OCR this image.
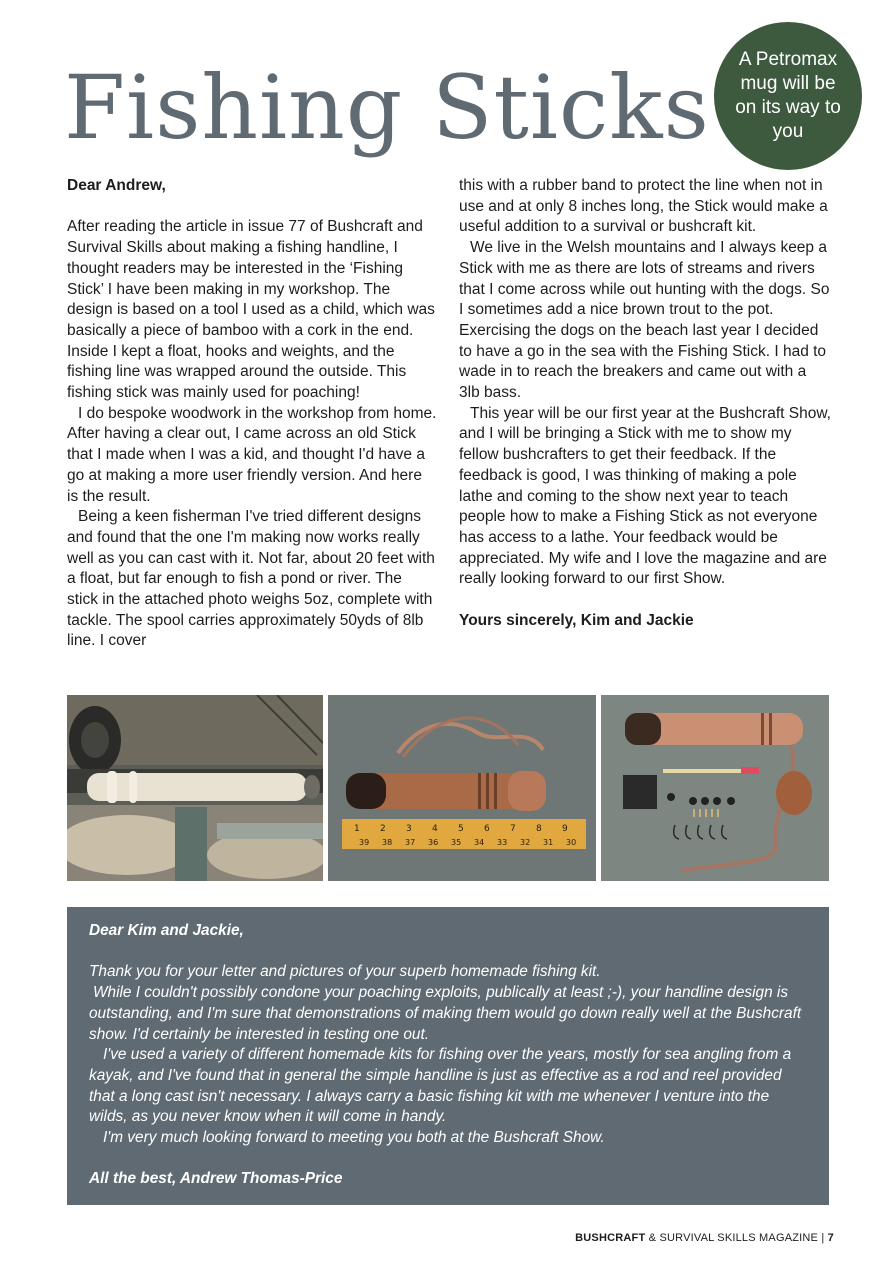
Fishing Sticks	A Petromax mug will be on its way to you

Dear Andrew,

After reading the article in issue 77 of Bushcraft and Survival Skills about making a fishing handline, I thought readers may be interested in the ‘Fishing Stick’ I have been making in my workshop. The design is based on a tool I used as a child, which was basically a piece of bamboo with a cork in the end. Inside I kept a float, hooks and weights, and the fishing line was wrapped around the outside. This fishing stick was mainly used for poaching!

I do bespoke woodwork in the workshop from home. After having a clear out, I came across an old Stick that I made when I was a kid, and thought I'd have a go at making a more user friendly version. And here is the result.

Being a keen fisherman I've tried different designs and found that the one I'm making now works really well as you can cast with it. Not far, about 20 feet with a float, but far enough to fish a pond or river. The stick in the attached photo weighs 5oz, complete with tackle. The spool carries approximately 50yds of 8lb line. I cover

this with a rubber band to protect the line when not in use and at only 8 inches long, the Stick would make a useful addition to a survival or bushcraft kit.

We live in the Welsh mountains and I always keep a Stick with me as there are lots of streams and rivers that I come across while out hunting with the dogs. So I sometimes add a nice brown trout to the pot. Exercising the dogs on the beach last year I decided to have a go in the sea with the Fishing Stick. I had to wade in to reach the breakers and came out with a 3lb bass.

This year will be our first year at the Bushcraft Show, and I will be bringing a Stick with me to show my fellow bushcrafters to get their feedback. If the feedback is good, I was thinking of making a pole lathe and coming to the show next year to teach people how to make a Fishing Stick as not everyone has access to a lathe. Your feedback would be appreciated. My wife and I love the magazine and are really looking forward to our first Show.

Yours sincerely, Kim and Jackie

1 2 3 4 5 6 7 8 9
30
31
32
33
34
35
36
37
38
39

Dear Kim and Jackie,

Thank you for your letter and pictures of your superb homemade fishing kit.

While I couldn't possibly condone your poaching exploits, publically at least ;-), your handline design is outstanding, and I'm sure that demonstrations of making them would go down really well at the Bushcraft show. I'd certainly be interested in testing one out.

I've used a variety of different homemade kits for fishing over the years, mostly for sea angling from a kayak, and I've found that in general the simple handline is just as effective as a rod and reel provided that a long cast isn't necessary. I always carry a basic fishing kit with me whenever I venture into the wilds, as you never know when it will come in handy.

I'm very much looking forward to meeting you both at the Bushcraft Show.

All the best, Andrew Thomas-Price

BUSHCRAFT & SURVIVAL SKILLS MAGAZINE | 7
